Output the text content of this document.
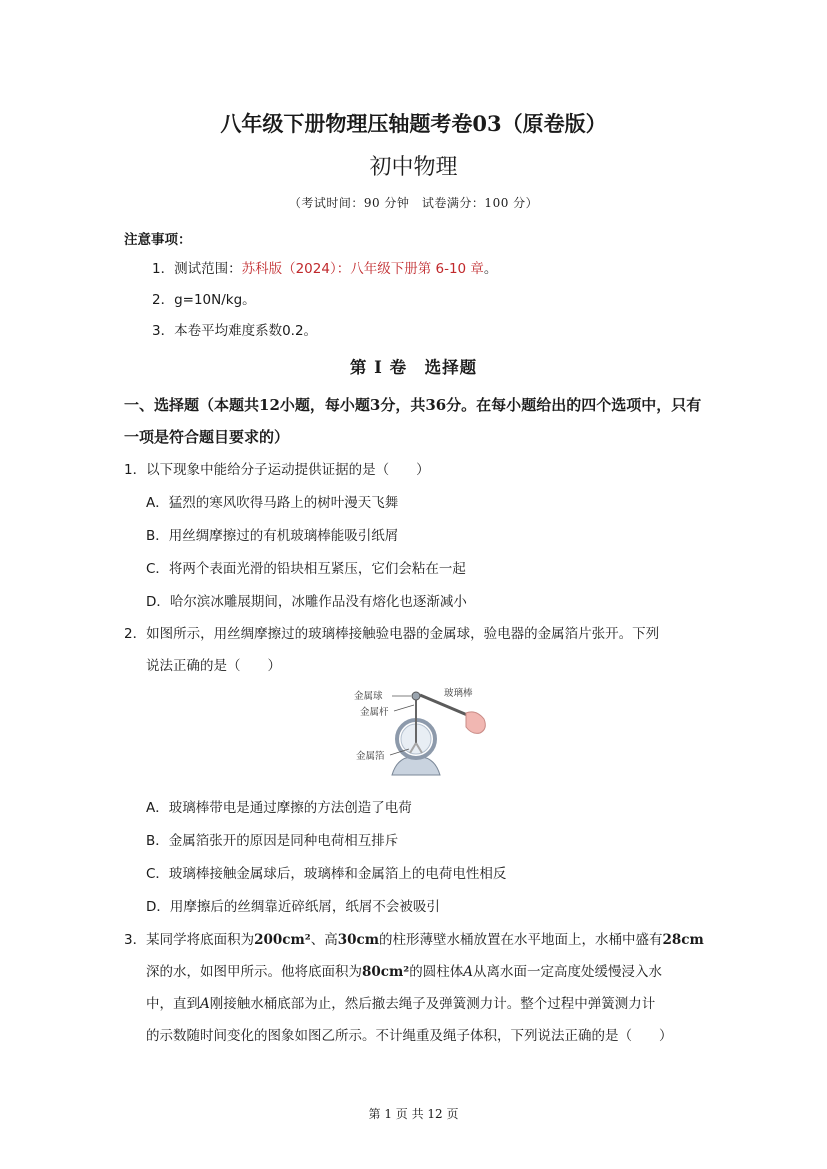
八年级下册物理压轴题考卷03（原卷版）
初中物理
（考试时间：90 分钟　试卷满分：100 分）
注意事项：
1．测试范围：苏科版（2024）：八年级下册第 6-10 章。
2．g=10N/kg。
3．本卷平均难度系数0.2。
第 I 卷　选择题
一、选择题（本题共12小题，每小题3分，共36分。在每小题给出的四个选项中，只有
一项是符合题目要求的）
1．以下现象中能给分子运动提供证据的是（　　）
A．猛烈的寒风吹得马路上的树叶漫天飞舞
B．用丝绸摩擦过的有机玻璃棒能吸引纸屑
C．将两个表面光滑的铅块相互紧压，它们会粘在一起
D．哈尔滨冰雕展期间，冰雕作品没有熔化也逐渐减小
2．如图所示，用丝绸摩擦过的玻璃棒接触验电器的金属球，验电器的金属箔片张开。下列
说法正确的是（　　）
金属球	玻璃棒
金属杆
金属箔
A．玻璃棒带电是通过摩擦的方法创造了电荷
B．金属箔张开的原因是同种电荷相互排斥
C．玻璃棒接触金属球后，玻璃棒和金属箔上的电荷电性相反
D．用摩擦后的丝绸靠近碎纸屑，纸屑不会被吸引
3．某同学将底面积为200cm²、高30cm的柱形薄壁水桶放置在水平地面上，水桶中盛有28cm
深的水，如图甲所示。他将底面积为80cm²的圆柱体A从离水面一定高度处缓慢浸入水
中，直到A刚接触水桶底部为止，然后撤去绳子及弹簧测力计。整个过程中弹簧测力计
的示数随时间变化的图象如图乙所示。不计绳重及绳子体积，下列说法正确的是（　　）
第 1 页 共 12 页
